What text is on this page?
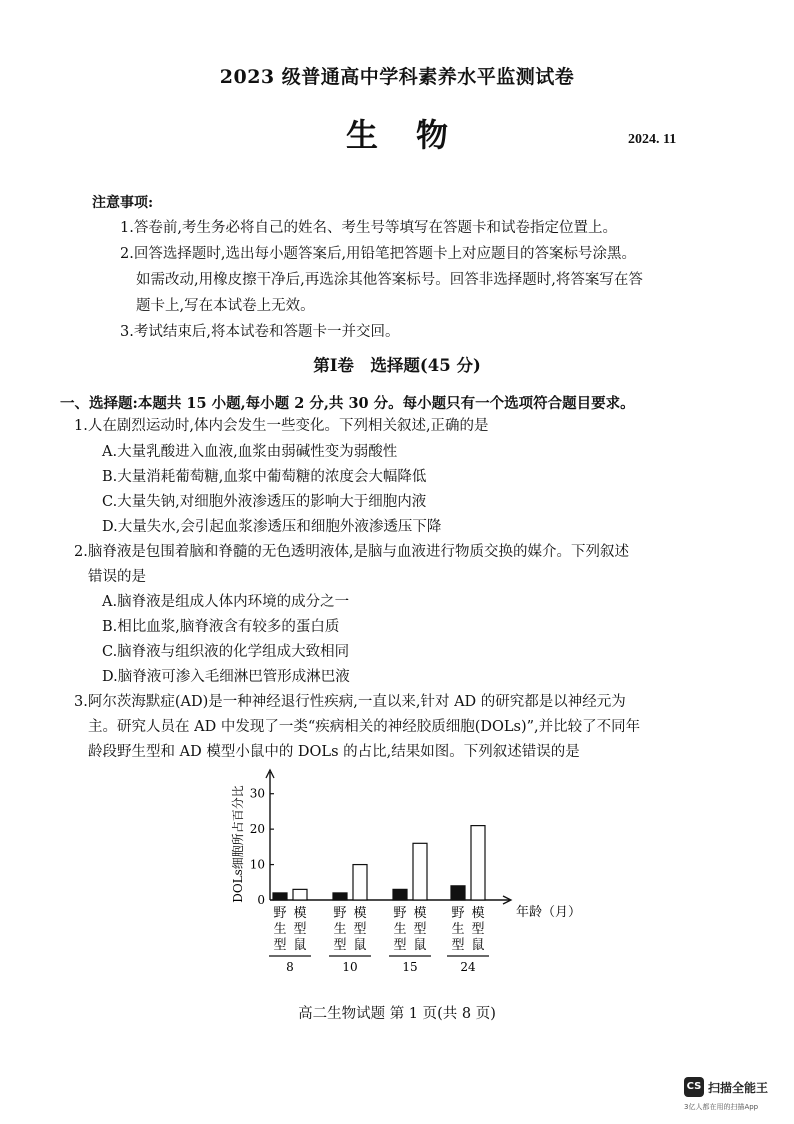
2023 级普通高中学科素养水平监测试卷
生物	2024. 11
注意事项:
1.答卷前,考生务必将自己的姓名、考生号等填写在答题卡和试卷指定位置上。
2.回答选择题时,选出每小题答案后,用铅笔把答题卡上对应题目的答案标号涂黑。
如需改动,用橡皮擦干净后,再选涂其他答案标号。回答非选择题时,将答案写在答
题卡上,写在本试卷上无效。
3.考试结束后,将本试卷和答题卡一并交回。
第Ⅰ卷　选择题(45 分)
一、选择题:本题共 15 小题,每小题 2 分,共 30 分。每小题只有一个选项符合题目要求。
1.人在剧烈运动时,体内会发生一些变化。下列相关叙述,正确的是
A.大量乳酸进入血液,血浆由弱碱性变为弱酸性
B.大量消耗葡萄糖,血浆中葡萄糖的浓度会大幅降低
C.大量失钠,对细胞外液渗透压的影响大于细胞内液
D.大量失水,会引起血浆渗透压和细胞外液渗透压下降
2.脑脊液是包围着脑和脊髓的无色透明液体,是脑与血液进行物质交换的媒介。下列叙述
错误的是
A.脑脊液是组成人体内环境的成分之一
B.相比血浆,脑脊液含有较多的蛋白质
C.脑脊液与组织液的化学组成大致相同
D.脑脊液可渗入毛细淋巴管形成淋巴液
3.阿尔茨海默症(AD)是一种神经退行性疾病,一直以来,针对 AD 的研究都是以神经元为
主。研究人员在 AD 中发现了一类“疾病相关的神经胶质细胞(DOLs)”,并比较了不同年
龄段野生型和 AD 模型小鼠中的 DOLs 的占比,结果如图。下列叙述错误的是
0
10
20
30
DOLs细胞所占百分比
年龄（月）
野
生
型
模
型
鼠
8
野
生
型
模
型
鼠
10
野
生
型
模
型
鼠
15
野
生
型
模
型
鼠
24
高二生物试题 第 1 页(共 8 页)
CS 扫描全能王
3亿人都在用的扫描App
